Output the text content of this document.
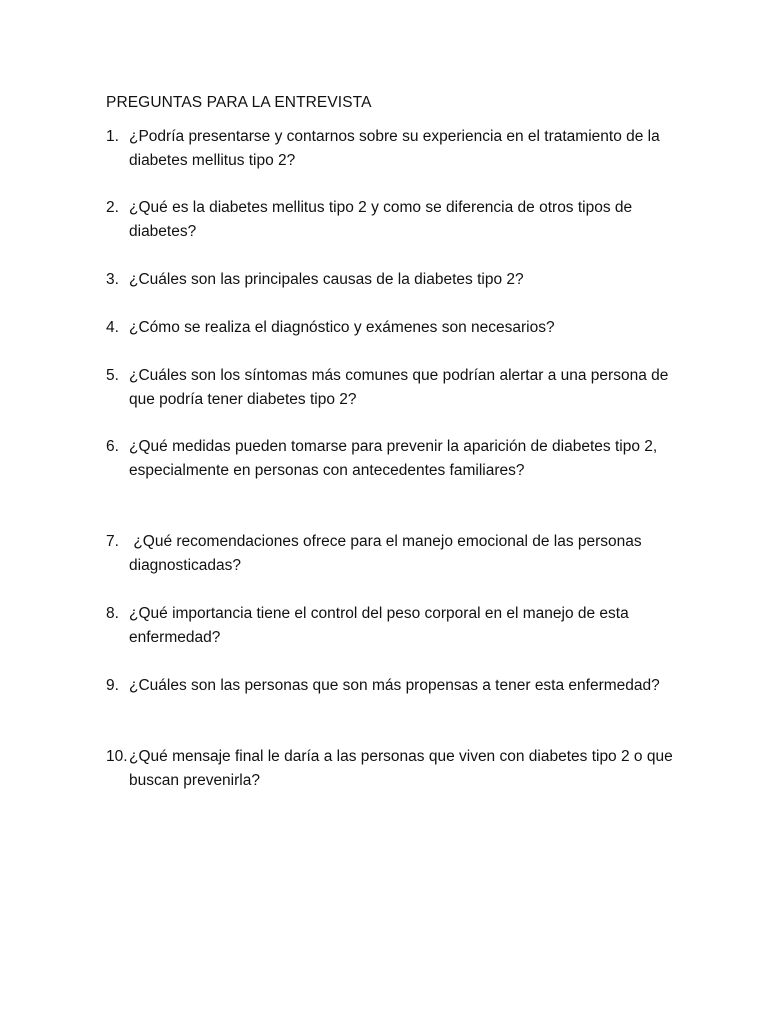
PREGUNTAS PARA LA ENTREVISTA
1. ¿Podría presentarse y contarnos sobre su experiencia en el tratamiento de la diabetes mellitus tipo 2?
2. ¿Qué es la diabetes mellitus tipo 2 y como se diferencia de otros tipos de diabetes?
3. ¿Cuáles son las principales causas de la diabetes tipo 2?
4. ¿Cómo se realiza el diagnóstico y exámenes son necesarios?
5. ¿Cuáles son los síntomas más comunes que podrían alertar a una persona de que podría tener diabetes tipo 2?
6. ¿Qué medidas pueden tomarse para prevenir la aparición de diabetes tipo 2, especialmente en personas con antecedentes familiares?
7. ¿Qué recomendaciones ofrece para el manejo emocional de las personas diagnosticadas?
8. ¿Qué importancia tiene el control del peso corporal en el manejo de esta enfermedad?
9. ¿Cuáles son las personas que son más propensas a tener esta enfermedad?
10. ¿Qué mensaje final le daría a las personas que viven con diabetes tipo 2 o que buscan prevenirla?
